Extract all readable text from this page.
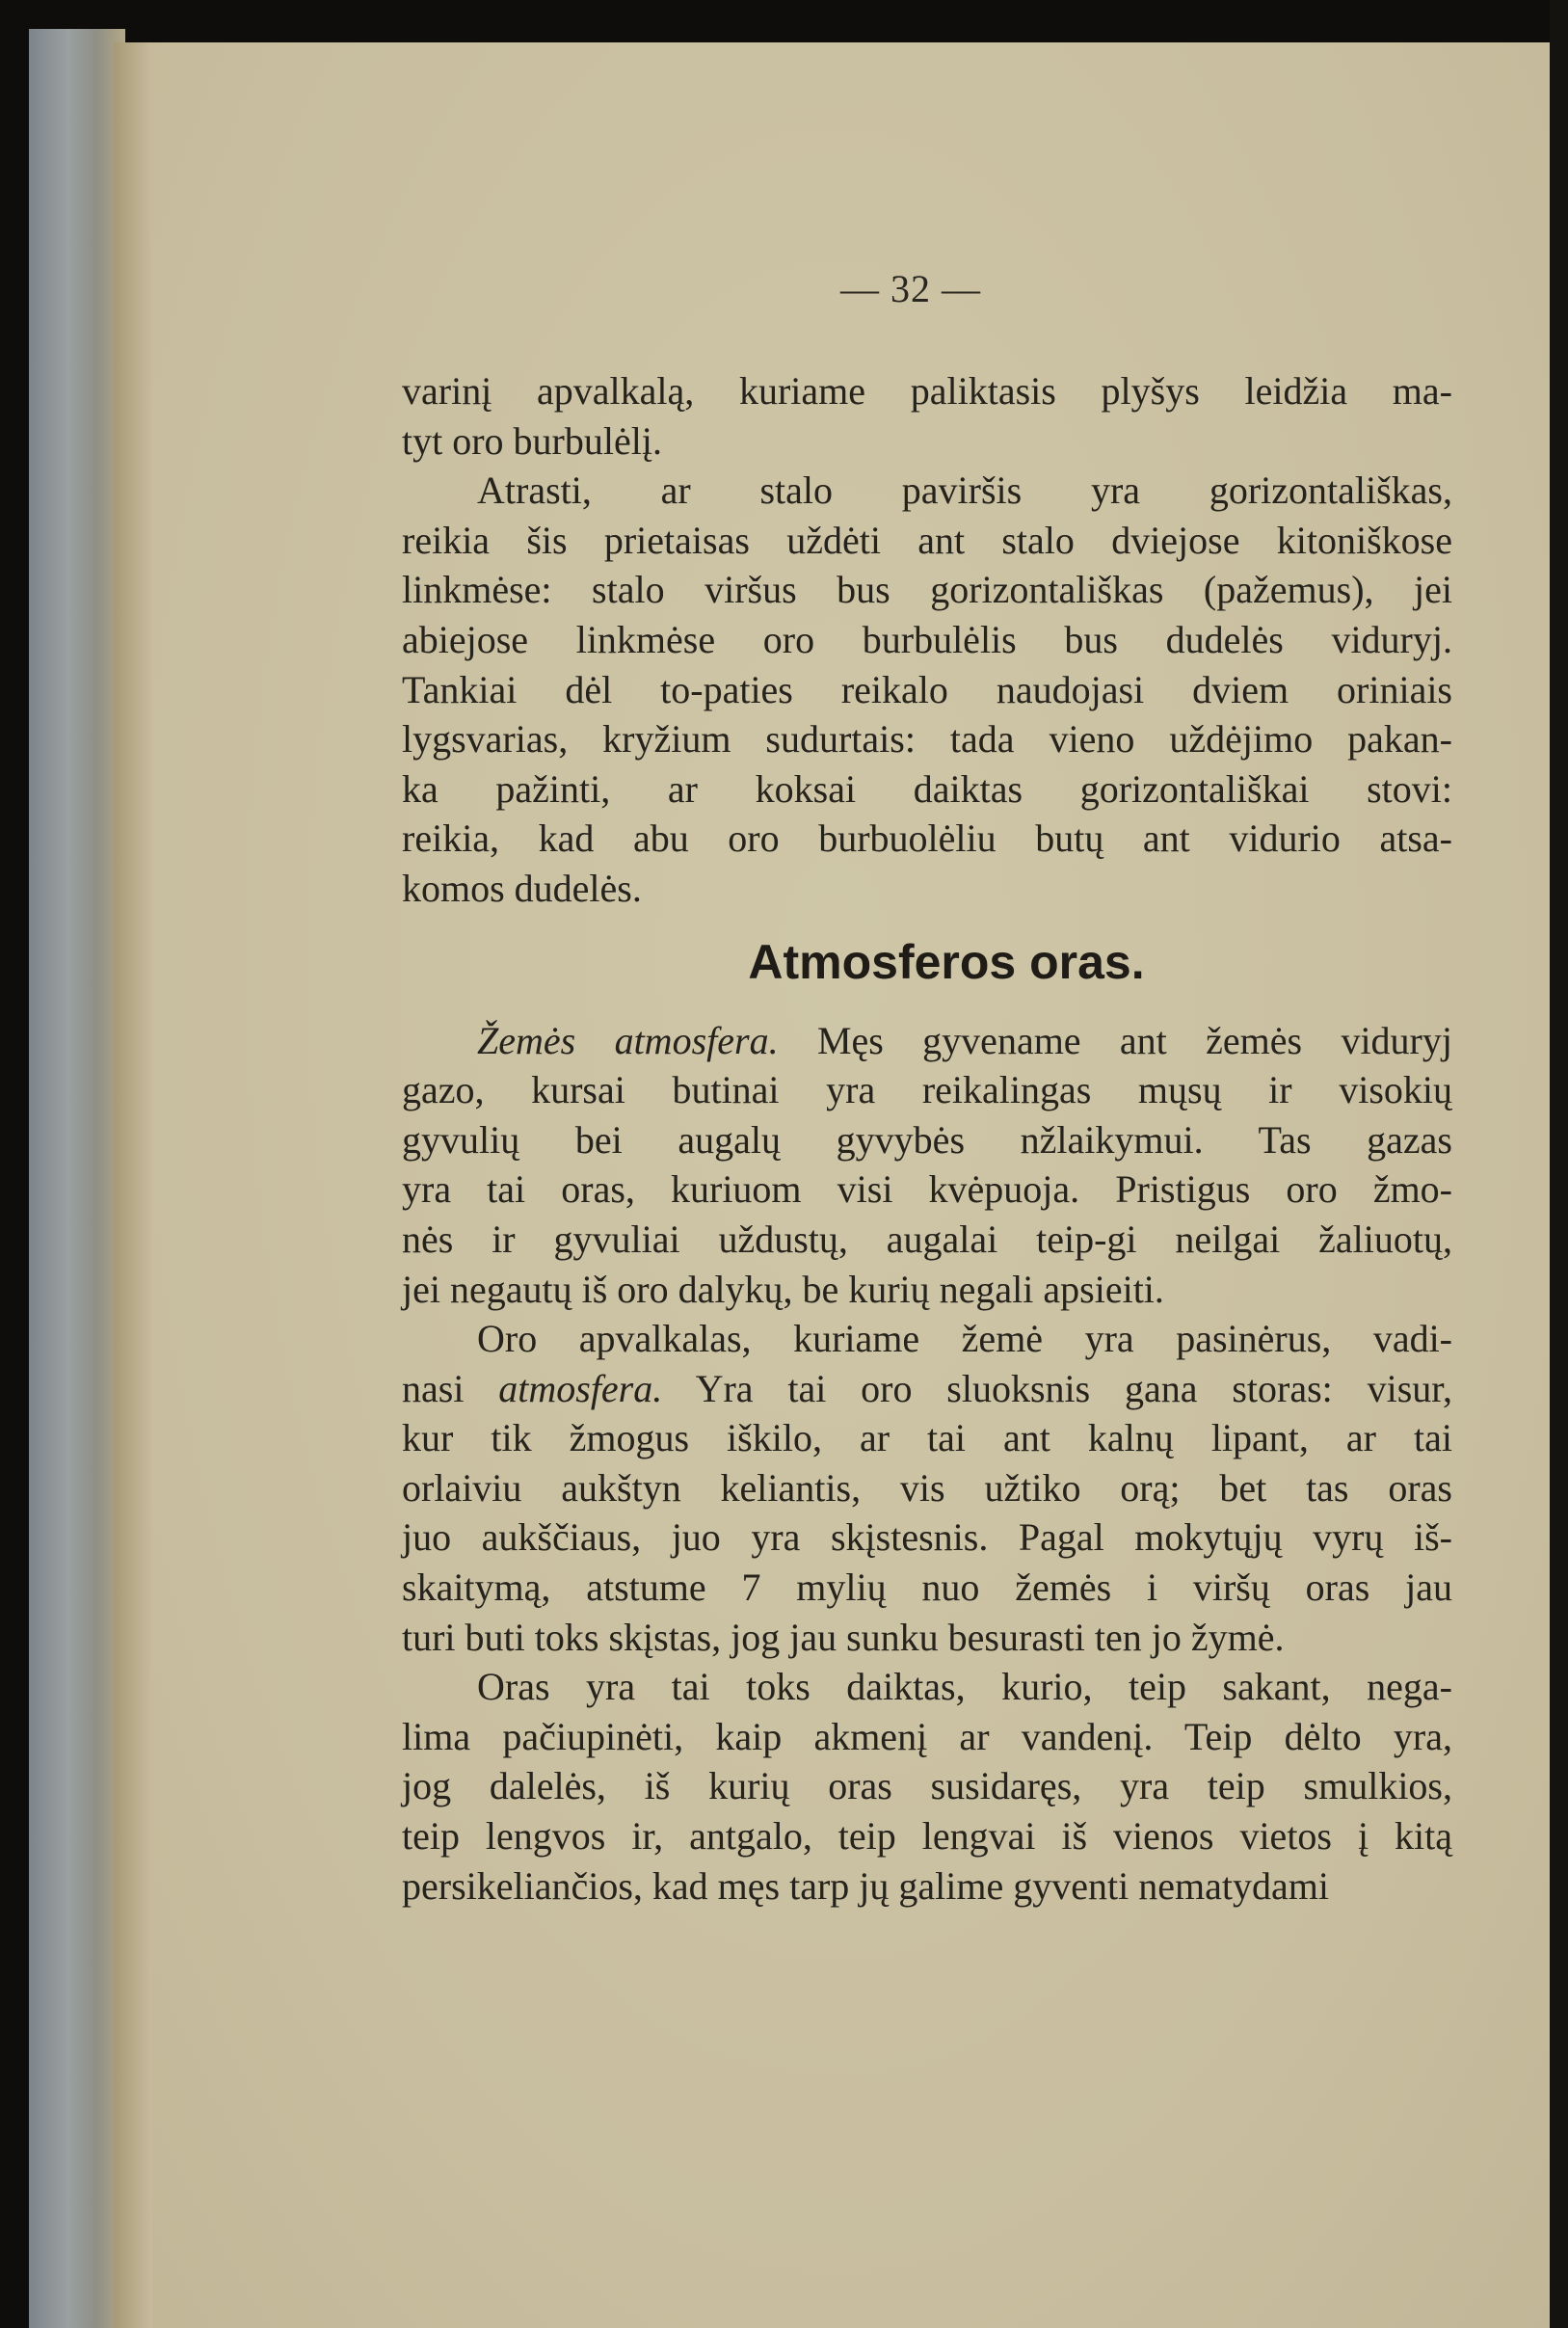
— 32 —
varinį apvalkalą, kuriame paliktasis plyšys leidžia ma-
tyt oro burbulėlį.
Atrasti, ar stalo paviršis yra gorizontališkas,
reikia šis prietaisas uždėti ant stalo dviejose kitoniškose
linkmėse: stalo viršus bus gorizontališkas (pažemus), jei
abiejose linkmėse oro burbulėlis bus dudelės viduryj.
Tankiai dėl to-paties reikalo naudojasi dviem oriniais
lygsvarias, kryžium sudurtais: tada vieno uždėjimo pakan-
ka pažinti, ar koksai daiktas gorizontališkai stovi:
reikia, kad abu oro burbuolėliu butų ant vidurio atsa-
komos dudelės.
Atmosferos oras.
Žemės atmosfera. Męs gyvename ant žemės viduryj
gazo, kursai butinai yra reikalingas mųsų ir visokių
gyvulių bei augalų gyvybės nžlaikymui. Tas gazas
yra tai oras, kuriuom visi kvėpuoja. Pristigus oro žmo-
nės ir gyvuliai uždustų, augalai teip-gi neilgai žaliuotų,
jei negautų iš oro dalykų, be kurių negali apsieiti.
Oro apvalkalas, kuriame žemė yra pasinėrus, vadi-
nasi atmosfera. Yra tai oro sluoksnis gana storas: visur,
kur tik žmogus iškilo, ar tai ant kalnų lipant, ar tai
orlaiviu aukštyn keliantis, vis užtiko orą; bet tas oras
juo aukščiaus, juo yra skįstesnis. Pagal mokytųjų vyrų iš-
skaitymą, atstume 7 mylių nuo žemės i viršų oras jau
turi buti toks skįstas, jog jau sunku besurasti ten jo žymė.
Oras yra tai toks daiktas, kurio, teip sakant, nega-
lima pačiupinėti, kaip akmenį ar vandenį. Teip dėlto yra,
jog dalelės, iš kurių oras susidaręs, yra teip smulkios,
teip lengvos ir, antgalo, teip lengvai iš vienos vietos į kitą
persikeliančios, kad męs tarp jų galime gyventi nematydami
